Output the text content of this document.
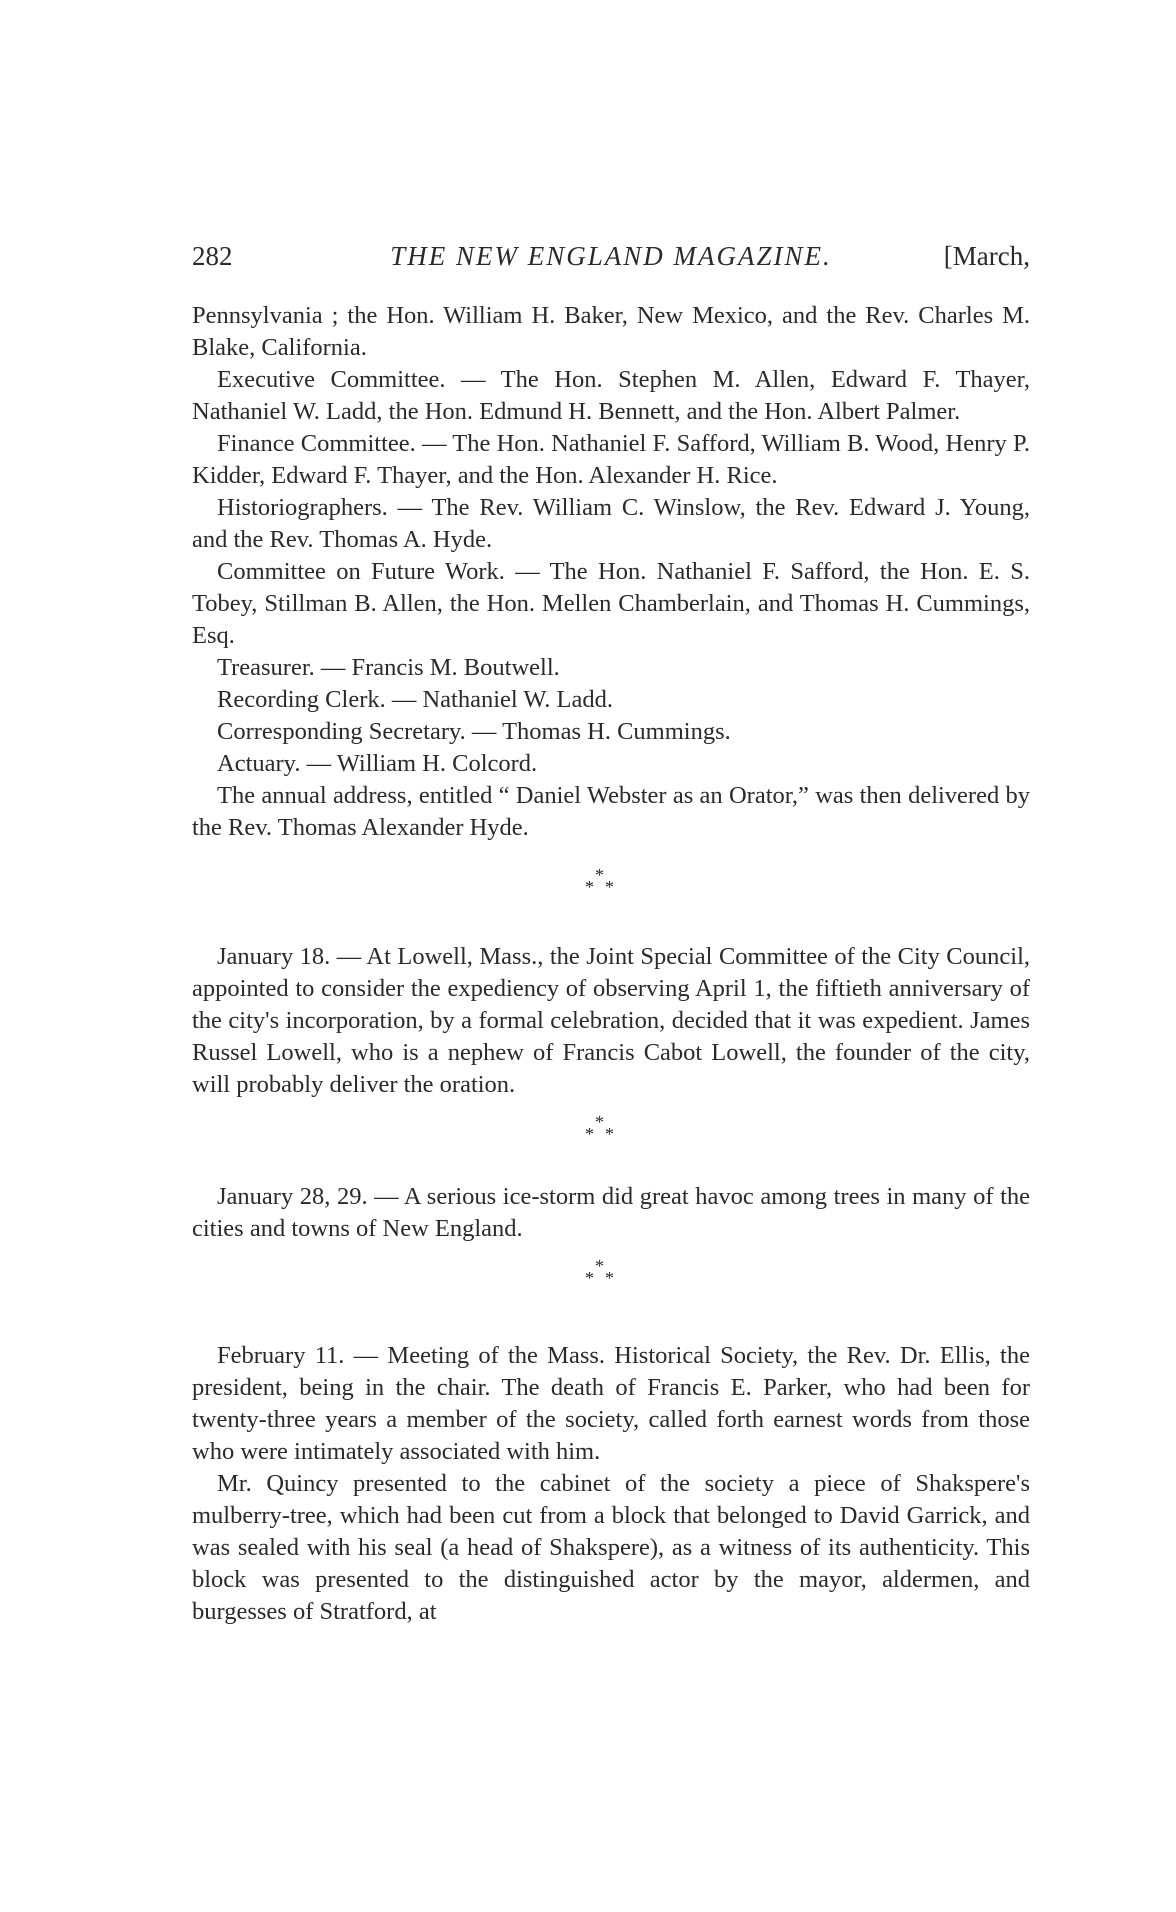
282	THE NEW ENGLAND MAGAZINE.	[March,

Pennsylvania ; the Hon. William H. Baker, New Mexico, and the Rev. Charles M. Blake, California.

Executive Committee. — The Hon. Stephen M. Allen, Edward F. Thayer, Nathaniel W. Ladd, the Hon. Edmund H. Bennett, and the Hon. Albert Palmer.

Finance Committee. — The Hon. Nathaniel F. Safford, William B. Wood, Henry P. Kidder, Edward F. Thayer, and the Hon. Alexander H. Rice.

Historiographers. — The Rev. William C. Winslow, the Rev. Edward J. Young, and the Rev. Thomas A. Hyde.

Committee on Future Work. — The Hon. Nathaniel F. Safford, the Hon. E. S. Tobey, Stillman B. Allen, the Hon. Mellen Chamberlain, and Thomas H. Cummings, Esq.

Treasurer. — Francis M. Boutwell.

Recording Clerk. — Nathaniel W. Ladd.

Corresponding Secretary. — Thomas H. Cummings.

Actuary. — William H. Colcord.

The annual address, entitled “ Daniel Webster as an Orator,” was then delivered by the Rev. Thomas Alexander Hyde.

*
* *

January 18. — At Lowell, Mass., the Joint Special Committee of the City Council, appointed to consider the expediency of observing April 1, the fiftieth anniversary of the city's incorporation, by a formal celebration, decided that it was expedient. James Russel Lowell, who is a nephew of Francis Cabot Lowell, the founder of the city, will probably deliver the oration.

*
* *

January 28, 29. — A serious ice-storm did great havoc among trees in many of the cities and towns of New England.

*
* *

February 11. — Meeting of the Mass. Historical Society, the Rev. Dr. Ellis, the president, being in the chair. The death of Francis E. Parker, who had been for twenty-three years a member of the society, called forth earnest words from those who were intimately associated with him.

Mr. Quincy presented to the cabinet of the society a piece of Shakspere's mulberry-tree, which had been cut from a block that belonged to David Garrick, and was sealed with his seal (a head of Shakspere), as a witness of its authenticity. This block was presented to the distinguished actor by the mayor, aldermen, and burgesses of Stratford, at
